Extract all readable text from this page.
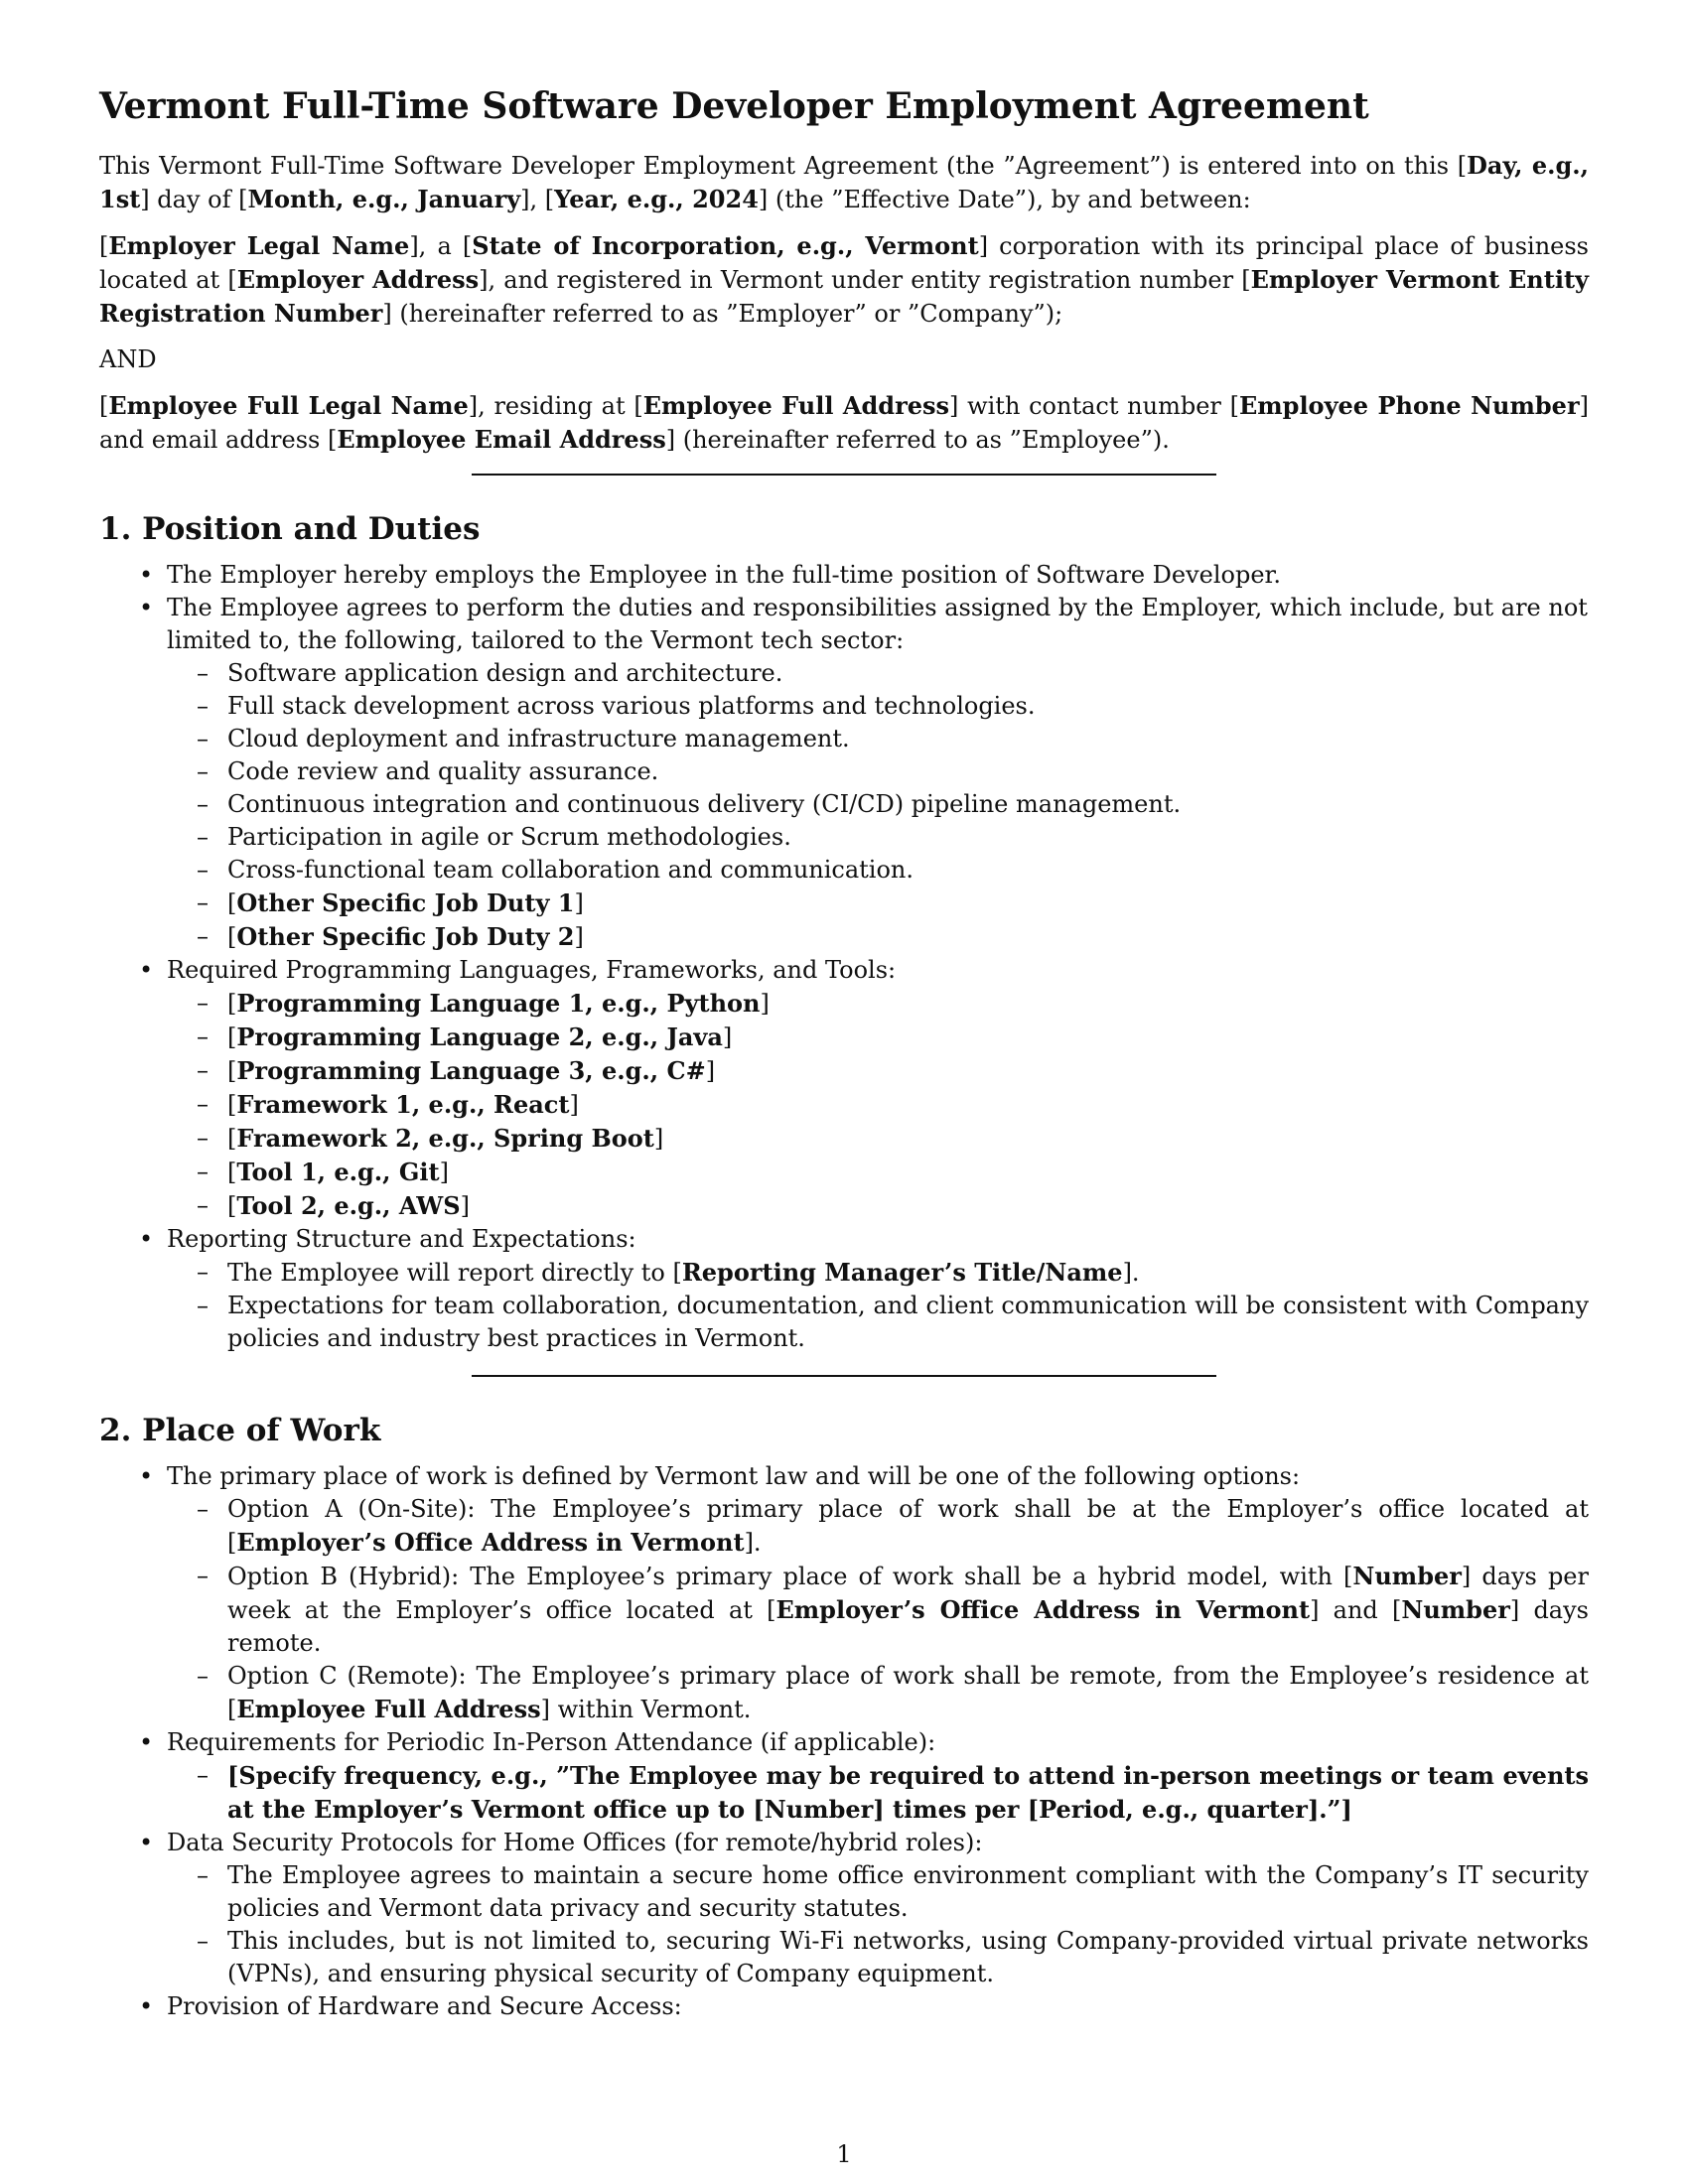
Vermont Full-Time Software Developer Employment Agreement

This Vermont Full-Time Software Developer Employment Agreement (the ”Agreement”) is entered into on this [Day, e.g., 1st] day of [Month, e.g., January], [Year, e.g., 2024] (the ”Effective Date”), by and between:

[Employer Legal Name], a [State of Incorporation, e.g., Vermont] corporation with its principal place of business located at [Employer Address], and registered in Vermont under entity registration number [Employer Vermont Entity Registration Number] (hereinafter referred to as ”Employer” or ”Company”);

AND

[Employee Full Legal Name], residing at [Employee Full Address] with contact number [Employee Phone Number] and email address [Employee Email Address] (hereinafter referred to as ”Employee”).

1. Position and Duties
• The Employer hereby employs the Employee in the full-time position of Software Developer.
• The Employee agrees to perform the duties and responsibilities assigned by the Employer, which include, but are not limited to, the following, tailored to the Vermont tech sector:
– Software application design and architecture.
– Full stack development across various platforms and technologies.
– Cloud deployment and infrastructure management.
– Code review and quality assurance.
– Continuous integration and continuous delivery (CI/CD) pipeline management.
– Participation in agile or Scrum methodologies.
– Cross-functional team collaboration and communication.
– [Other Specific Job Duty 1]
– [Other Specific Job Duty 2]
• Required Programming Languages, Frameworks, and Tools:
– [Programming Language 1, e.g., Python]
– [Programming Language 2, e.g., Java]
– [Programming Language 3, e.g., C#]
– [Framework 1, e.g., React]
– [Framework 2, e.g., Spring Boot]
– [Tool 1, e.g., Git]
– [Tool 2, e.g., AWS]
• Reporting Structure and Expectations:
– The Employee will report directly to [Reporting Manager’s Title/Name].
– Expectations for team collaboration, documentation, and client communication will be consistent with Company policies and industry best practices in Vermont.
2. Place of Work
• The primary place of work is defined by Vermont law and will be one of the following options:
– Option A (On-Site): The Employee’s primary place of work shall be at the Employer’s office located at [Employer’s Office Address in Vermont].
– Option B (Hybrid): The Employee’s primary place of work shall be a hybrid model, with [Number] days per week at the Employer’s office located at [Employer’s Office Address in Vermont] and [Number] days remote.
– Option C (Remote): The Employee’s primary place of work shall be remote, from the Employee’s residence at [Employee Full Address] within Vermont.
• Requirements for Periodic In-Person Attendance (if applicable):
– [Specify frequency, e.g., ”The Employee may be required to attend in-person meetings or team events at the Employer’s Vermont office up to [Number] times per [Period, e.g., quarter].”]
• Data Security Protocols for Home Offices (for remote/hybrid roles):
– The Employee agrees to maintain a secure home office environment compliant with the Company’s IT security policies and Vermont data privacy and security statutes.
– This includes, but is not limited to, securing Wi-Fi networks, using Company-provided virtual private networks (VPNs), and ensuring physical security of Company equipment.
• Provision of Hardware and Secure Access:
1
